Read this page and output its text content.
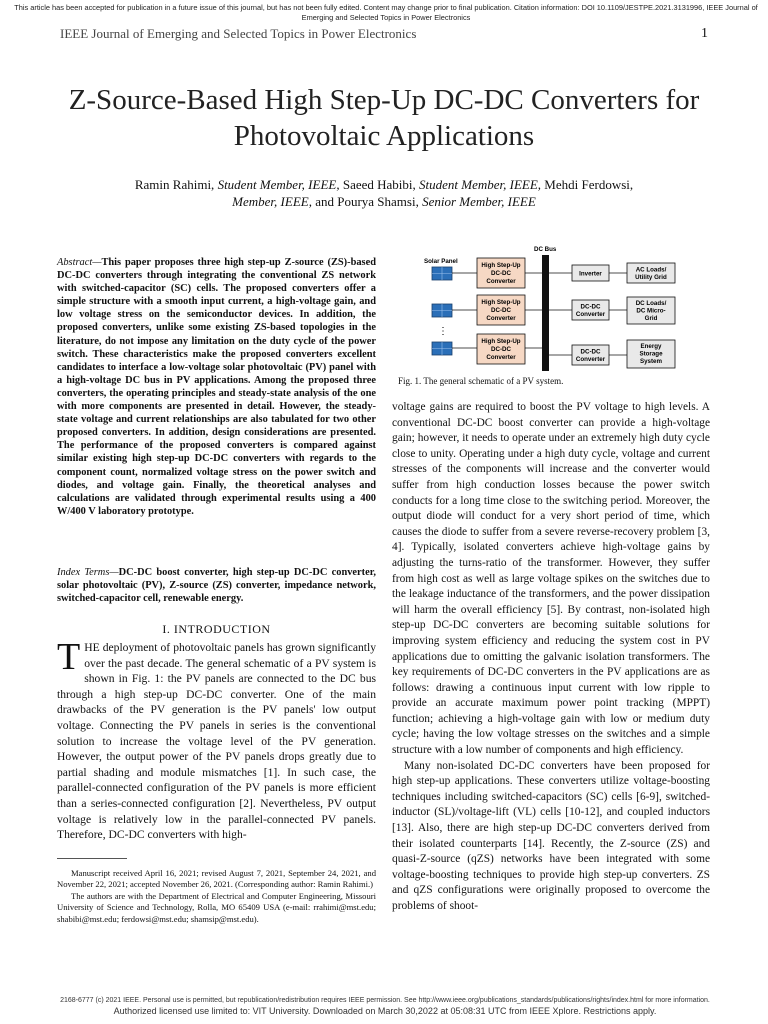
This article has been accepted for publication in a future issue of this journal, but has not been fully edited. Content may change prior to final publication. Citation information: DOI 10.1109/JESTPE.2021.3131996, IEEE Journal of Emerging and Selected Topics in Power Electronics
IEEE Journal of Emerging and Selected Topics in Power Electronics	1
Z-Source-Based High Step-Up DC-DC Converters for Photovoltaic Applications
Ramin Rahimi, Student Member, IEEE, Saeed Habibi, Student Member, IEEE, Mehdi Ferdowsi,
Member, IEEE, and Pourya Shamsi, Senior Member, IEEE
Abstract—This paper proposes three high step-up Z-source (ZS)-based DC-DC converters through integrating the conventional ZS network with switched-capacitor (SC) cells. The proposed converters offer a simple structure with a smooth input current, a high-voltage gain, and low voltage stress on the semiconductor devices. In addition, the proposed converters, unlike some existing ZS-based topologies in the literature, do not impose any limitation on the duty cycle of the power switch. These characteristics make the proposed converters excellent candidates to interface a low-voltage solar photovoltaic (PV) panel with a high-voltage DC bus in PV applications. Among the proposed three converters, the operating principles and steady-state analysis of the one with more components are presented in detail. However, the steady-state voltage and current relationships are also tabulated for two other proposed converters. In addition, design considerations are presented. The performance of the proposed converters is compared against similar existing high step-up DC-DC converters with regards to the component count, normalized voltage stress on the power switch and diodes, and voltage gain. Finally, the theoretical analyses and calculations are validated through experimental results using a 400 W/400 V laboratory prototype.
Index Terms—DC-DC boost converter, high step-up DC-DC converter, solar photovoltaic (PV), Z-source (ZS) converter, impedance network, switched-capacitor cell, renewable energy.
I. INTRODUCTION
THE deployment of photovoltaic panels has grown significantly over the past decade. The general schematic of a PV system is shown in Fig. 1: the PV panels are connected to the DC bus through a high step-up DC-DC converter. One of the main drawbacks of the PV generation is the PV panels' low output voltage. Connecting the PV panels in series is the conventional solution to increase the voltage level of the PV generation. However, the output power of the PV panels drops greatly due to partial shading and module mismatches [1]. In such case, the parallel-connected configuration of the PV panels is more efficient than a series-connected configuration [2]. Nevertheless, PV output voltage is relatively low in the parallel-connected PV panels. Therefore, DC-DC converters with high-

Manuscript received April 16, 2021; revised August 7, 2021, September 24, 2021, and November 22, 2021; accepted November 26, 2021. (Corresponding author: Ramin Rahimi.)

The authors are with the Department of Electrical and Computer Engineering, Missouri University of Science and Technology, Rolla, MO 65409 USA (e-mail: rrahimi@mst.edu; shabibi@mst.edu; ferdowsi@mst.edu; shamsip@mst.edu).

DC Bus
Solar Panel
⋮
High Step-Up
DC-DC
Converter
High Step-Up
DC-DC
Converter
High Step-Up
DC-DC
Converter
Inverter
DC-DC
Converter
DC-DC
Converter
AC Loads/
Utility Grid
DC Loads/
DC Micro-
Grid
Energy
Storage
System
Fig. 1. The general schematic of a PV system.

voltage gains are required to boost the PV voltage to high levels. A conventional DC-DC boost converter can provide a high-voltage gain; however, it needs to operate under an extremely high duty cycle close to unity. Operating under a high duty cycle, voltage and current stresses of the components will increase and the converter would suffer from high conduction losses because the power switch conducts for a long time close to the switching period. Moreover, the output diode will conduct for a very short period of time, which causes the diode to suffer from a severe reverse-recovery problem [3, 4]. Typically, isolated converters achieve high-voltage gains by adjusting the turns-ratio of the transformer. However, they suffer from high cost as well as large voltage spikes on the switches due to the leakage inductance of the transformers, and the power dissipation will harm the overall efficiency [5]. By contrast, non-isolated high step-up DC-DC converters are becoming suitable solutions for improving system efficiency and reducing the system cost in PV applications due to omitting the galvanic isolation transformers. The key requirements of DC-DC converters in the PV applications are as follows: drawing a continuous input current with low ripple to provide an accurate maximum power point tracking (MPPT) function; achieving a high-voltage gain with low or medium duty cycle; having the low voltage stresses on the switches and a simple structure with a low number of components and high efficiency.

Many non-isolated DC-DC converters have been proposed for high step-up applications. These converters utilize voltage-boosting techniques including switched-capacitors (SC) cells [6-9], switched-inductor (SL)/voltage-lift (VL) cells [10-12], and coupled inductors [13]. Also, there are high step-up DC-DC converters derived from their isolated counterparts [14]. Recently, the Z-source (ZS) and quasi-Z-source (qZS) networks have been integrated with some voltage-boosting techniques to provide high step-up converters. ZS and qZS configurations were originally proposed to overcome the problems of shoot-

2168-6777 (c) 2021 IEEE. Personal use is permitted, but republication/redistribution requires IEEE permission. See http://www.ieee.org/publications_standards/publications/rights/index.html for more information.
Authorized licensed use limited to: VIT University. Downloaded on March 30,2022 at 05:08:31 UTC from IEEE Xplore. Restrictions apply.
